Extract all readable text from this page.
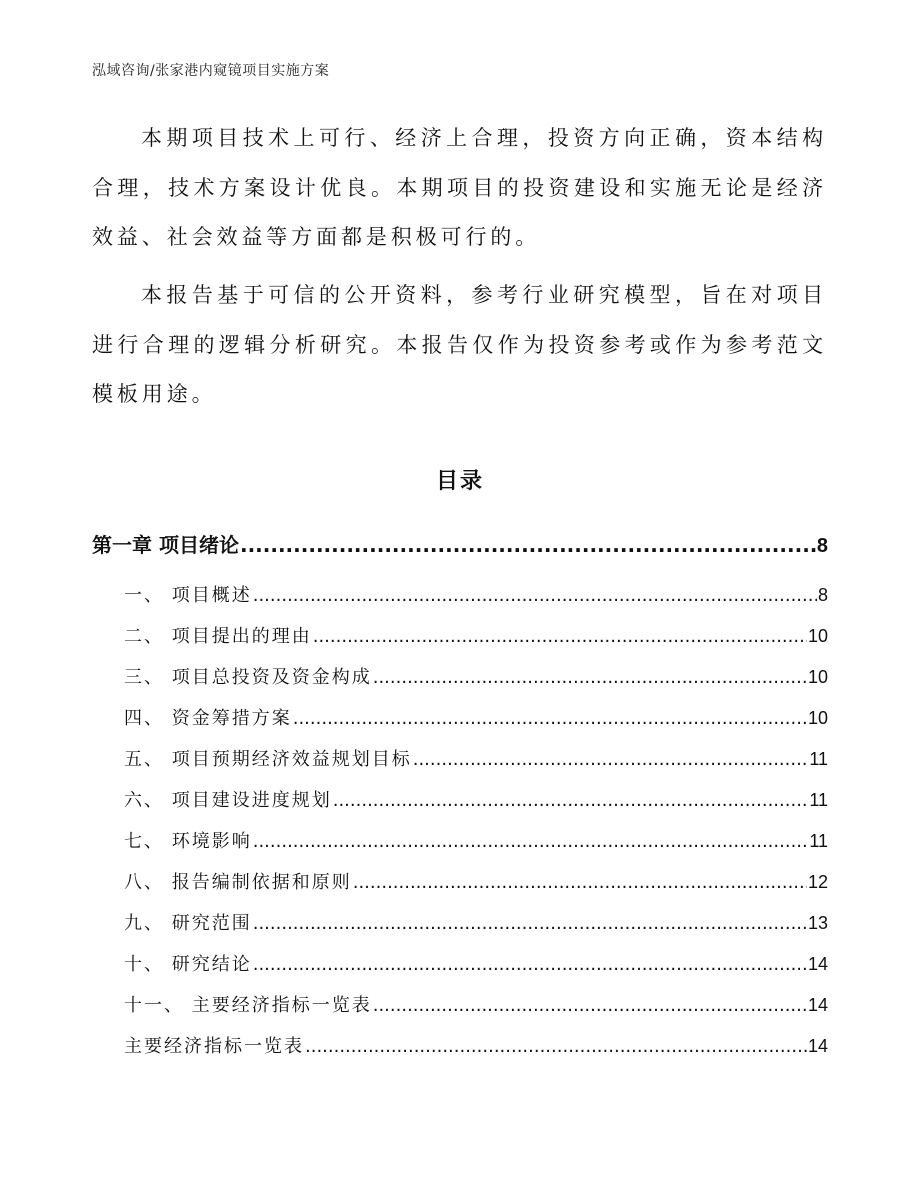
泓域咨询/张家港内窥镜项目实施方案

本期项目技术上可行、经济上合理，投资方向正确，资本结构合理，技术方案设计优良。本期项目的投资建设和实施无论是经济效益、社会效益等方面都是积极可行的。

本报告基于可信的公开资料，参考行业研究模型，旨在对项目进行合理的逻辑分析研究。本报告仅作为投资参考或作为参考范文模板用途。

目录
第一章 项目绪论 .....	8
一、 项目概述 .....	8
二、 项目提出的理由 .....	10
三、 项目总投资及资金构成 .....	10
四、 资金筹措方案 .....	10
五、 项目预期经济效益规划目标 .....	11
六、 项目建设进度规划 .....	11
七、 环境影响 .....	11
八、 报告编制依据和原则 .....	12
九、 研究范围 .....	13
十、 研究结论 .....	14
十一、 主要经济指标一览表 .....	14
主要经济指标一览表 .....	14
